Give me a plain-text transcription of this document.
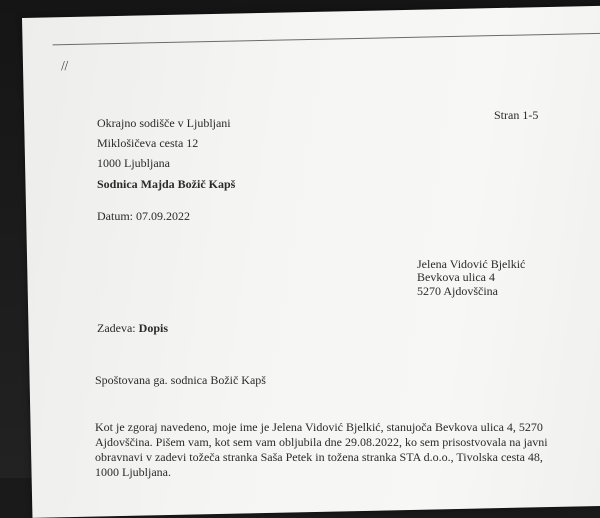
/ /
Stran 1-5
Okrajno sodišče v Ljubljani
Miklošičeva cesta 12
1000 Ljubljana
Sodnica Majda Božič Kapš
Datum: 07.09.2022
Jelena Vidović Bjelkić
Bevkova ulica 4
5270 Ajdovščina
Zadeva: Dopis
Spoštovana ga. sodnica Božič Kapš
Kot je zgoraj navedeno, moje ime je Jelena Vidović Bjelkić, stanujoča Bevkova ulica 4, 5270 Ajdovščina. Pišem vam, kot sem vam obljubila dne 29.08.2022, ko sem prisostvovala na javni obravnavi v zadevi tožeča stranka Saša Petek in tožena stranka STA d.o.o., Tivolska cesta 48, 1000 Ljubljana.
